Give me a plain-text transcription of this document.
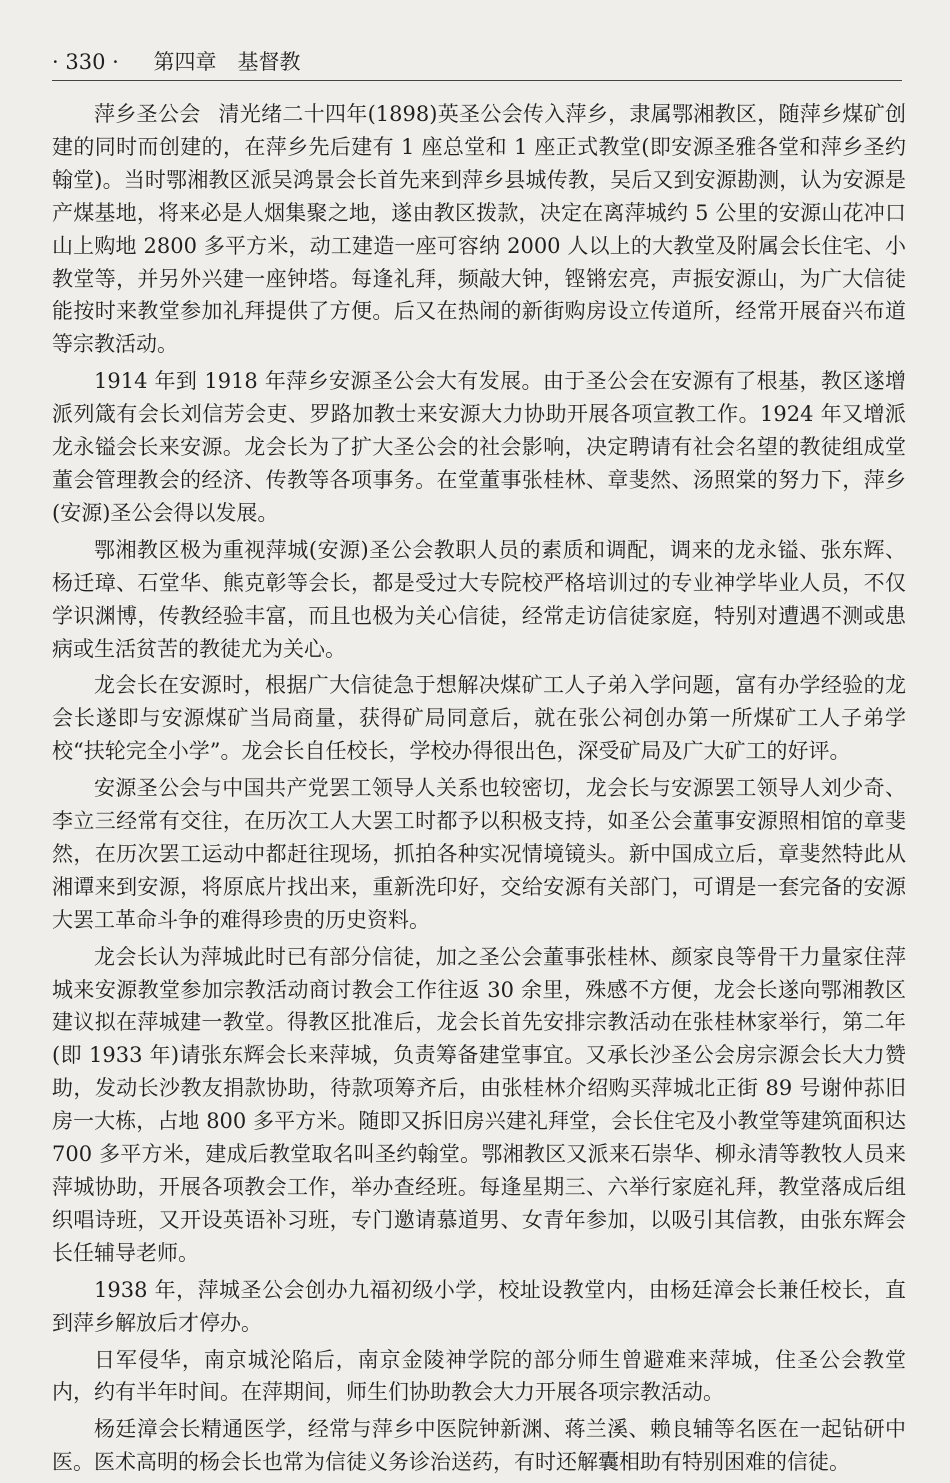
· 330 · 第四章　基督教

萍乡圣公会 清光绪二十四年(1898)英圣公会传入萍乡，隶属鄂湘教区，随萍乡煤矿创建的同时而创建的，在萍乡先后建有 1 座总堂和 1 座正式教堂(即安源圣雅各堂和萍乡圣约翰堂)。当时鄂湘教区派吴鸿景会长首先来到萍乡县城传教，吴后又到安源勘测，认为安源是产煤基地，将来必是人烟集聚之地，遂由教区拨款，决定在离萍城约 5 公里的安源山花冲口山上购地 2800 多平方米，动工建造一座可容纳 2000 人以上的大教堂及附属会长住宅、小教堂等，并另外兴建一座钟塔。每逢礼拜，频敲大钟，铿锵宏亮，声振安源山，为广大信徒能按时来教堂参加礼拜提供了方便。后又在热闹的新街购房设立传道所，经常开展奋兴布道等宗教活动。

1914 年到 1918 年萍乡安源圣公会大有发展。由于圣公会在安源有了根基，教区遂增派列箴有会长刘信芳会吏、罗路加教士来安源大力协助开展各项宣教工作。1924 年又增派龙永镒会长来安源。龙会长为了扩大圣公会的社会影响，决定聘请有社会名望的教徒组成堂董会管理教会的经济、传教等各项事务。在堂董事张桂林、章斐然、汤照棠的努力下，萍乡(安源)圣公会得以发展。

鄂湘教区极为重视萍城(安源)圣公会教职人员的素质和调配，调来的龙永镒、张东辉、杨迁璋、石堂华、熊克彰等会长，都是受过大专院校严格培训过的专业神学毕业人员，不仅学识渊博，传教经验丰富，而且也极为关心信徒，经常走访信徒家庭，特别对遭遇不测或患病或生活贫苦的教徒尤为关心。

龙会长在安源时，根据广大信徒急于想解决煤矿工人子弟入学问题，富有办学经验的龙会长遂即与安源煤矿当局商量，获得矿局同意后，就在张公祠创办第一所煤矿工人子弟学校“扶轮完全小学”。龙会长自任校长，学校办得很出色，深受矿局及广大矿工的好评。

安源圣公会与中国共产党罢工领导人关系也较密切，龙会长与安源罢工领导人刘少奇、李立三经常有交往，在历次工人大罢工时都予以积极支持，如圣公会董事安源照相馆的章斐然，在历次罢工运动中都赶往现场，抓拍各种实况情境镜头。新中国成立后，章斐然特此从湘谭来到安源，将原底片找出来，重新洗印好，交给安源有关部门，可谓是一套完备的安源大罢工革命斗争的难得珍贵的历史资料。

龙会长认为萍城此时已有部分信徒，加之圣公会董事张桂林、颜家良等骨干力量家住萍城来安源教堂参加宗教活动商讨教会工作往返 30 余里，殊感不方便，龙会长遂向鄂湘教区建议拟在萍城建一教堂。得教区批准后，龙会长首先安排宗教活动在张桂林家举行，第二年(即 1933 年)请张东辉会长来萍城，负责筹备建堂事宜。又承长沙圣公会房宗源会长大力赞助，发动长沙教友捐款协助，待款项筹齐后，由张桂林介绍购买萍城北正街 89 号谢仲荪旧房一大栋，占地 800 多平方米。随即又拆旧房兴建礼拜堂，会长住宅及小教堂等建筑面积达 700 多平方米，建成后教堂取名叫圣约翰堂。鄂湘教区又派来石崇华、柳永清等教牧人员来萍城协助，开展各项教会工作，举办查经班。每逢星期三、六举行家庭礼拜，教堂落成后组织唱诗班，又开设英语补习班，专门邀请慕道男、女青年参加，以吸引其信教，由张东辉会长任辅导老师。

1938 年，萍城圣公会创办九福初级小学，校址设教堂内，由杨廷漳会长兼任校长，直到萍乡解放后才停办。

日军侵华，南京城沦陷后，南京金陵神学院的部分师生曾避难来萍城，住圣公会教堂内，约有半年时间。在萍期间，师生们协助教会大力开展各项宗教活动。

杨廷漳会长精通医学，经常与萍乡中医院钟新渊、蒋兰溪、赖良辅等名医在一起钻研中医。医术高明的杨会长也常为信徒义务诊治送药，有时还解囊相助有特别困难的信徒。
